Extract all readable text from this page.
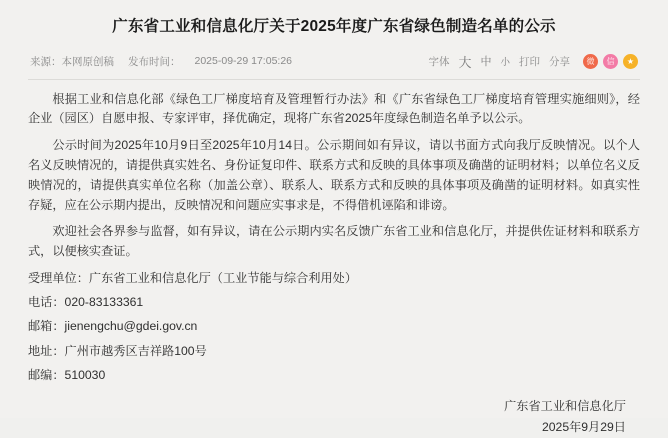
广东省工业和信息化厅关于2025年度广东省绿色制造名单的公示
来源：本网原创稿 发布时间： 2025-09-29 17:05:26	字体 大 中 小 打印 分享	微	信	★

根据工业和信息化部《绿色工厂梯度培育及管理暂行办法》和《广东省绿色工厂梯度培育管理实施细则》，经企业（园区）自愿申报、专家评审，择优确定，现将广东省2025年度绿色制造名单予以公示。

公示时间为2025年10月9日至2025年10月14日。公示期间如有异议，请以书面方式向我厅反映情况。以个人名义反映情况的，请提供真实姓名、身份证复印件、联系方式和反映的具体事项及确凿的证明材料；以单位名义反映情况的，请提供真实单位名称（加盖公章）、联系人、联系方式和反映的具体事项及确凿的证明材料。如真实性存疑，应在公示期内提出，反映情况和问题应实事求是，不得借机诬陷和诽谤。

欢迎社会各界参与监督，如有异议，请在公示期内实名反馈广东省工业和信息化厅，并提供佐证材料和联系方式，以便核实查证。

受理单位：广东省工业和信息化厅（工业节能与综合利用处）

电话：020-83133361

邮箱：jienengchu@gdei.gov.cn

地址：广州市越秀区吉祥路100号

邮编：510030

广东省工业和信息化厅
2025年9月29日
